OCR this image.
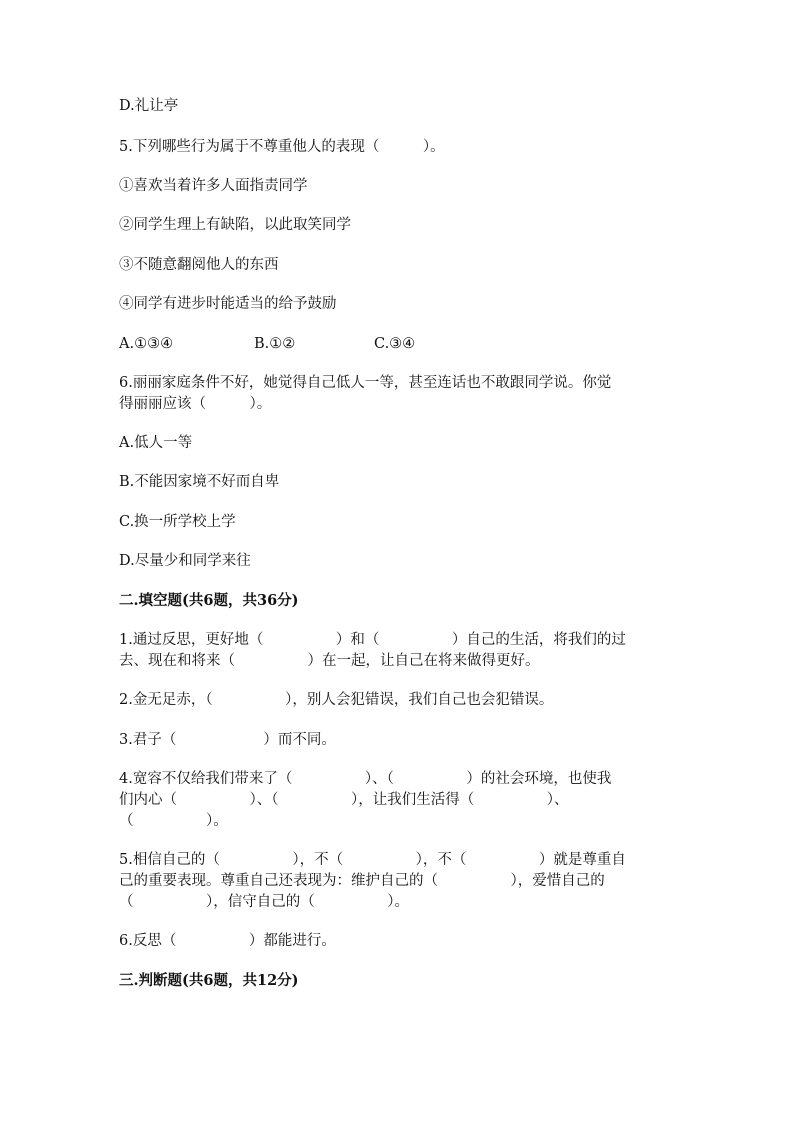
D.礼让亭
5.下列哪些行为属于不尊重他人的表现（　　　）。
①喜欢当着许多人面指责同学
②同学生理上有缺陷，以此取笑同学
③不随意翻阅他人的东西
④同学有进步时能适当的给予鼓励
A.①③④	B.①②	C.③④
6.丽丽家庭条件不好，她觉得自己低人一等，甚至连话也不敢跟同学说。你觉
得丽丽应该（　　　）。
A.低人一等
B.不能因家境不好而自卑
C.换一所学校上学
D.尽量少和同学来往
二.填空题(共6题，共36分)
1.通过反思，更好地（　　　　　）和（　　　　　）自己的生活，将我们的过
去、现在和将来（　　　　　）在一起，让自己在将来做得更好。
2.金无足赤，（　　　　　），别人会犯错误，我们自己也会犯错误。
3.君子（　　　　　　）而不同。
4.宽容不仅给我们带来了（　　　　　）、（　　　　　）的社会环境，也使我
们内心（　　　　　）、（　　　　　），让我们生活得（　　　　　）、
（　　　　　）。
5.相信自己的（　　　　　），不（　　　　　），不（　　　　　）就是尊重自
己的重要表现。尊重自己还表现为：维护自己的（　　　　　），爱惜自己的
（　　　　　），信守自己的（　　　　　）。
6.反思（　　　　　）都能进行。
三.判断题(共6题，共12分)
